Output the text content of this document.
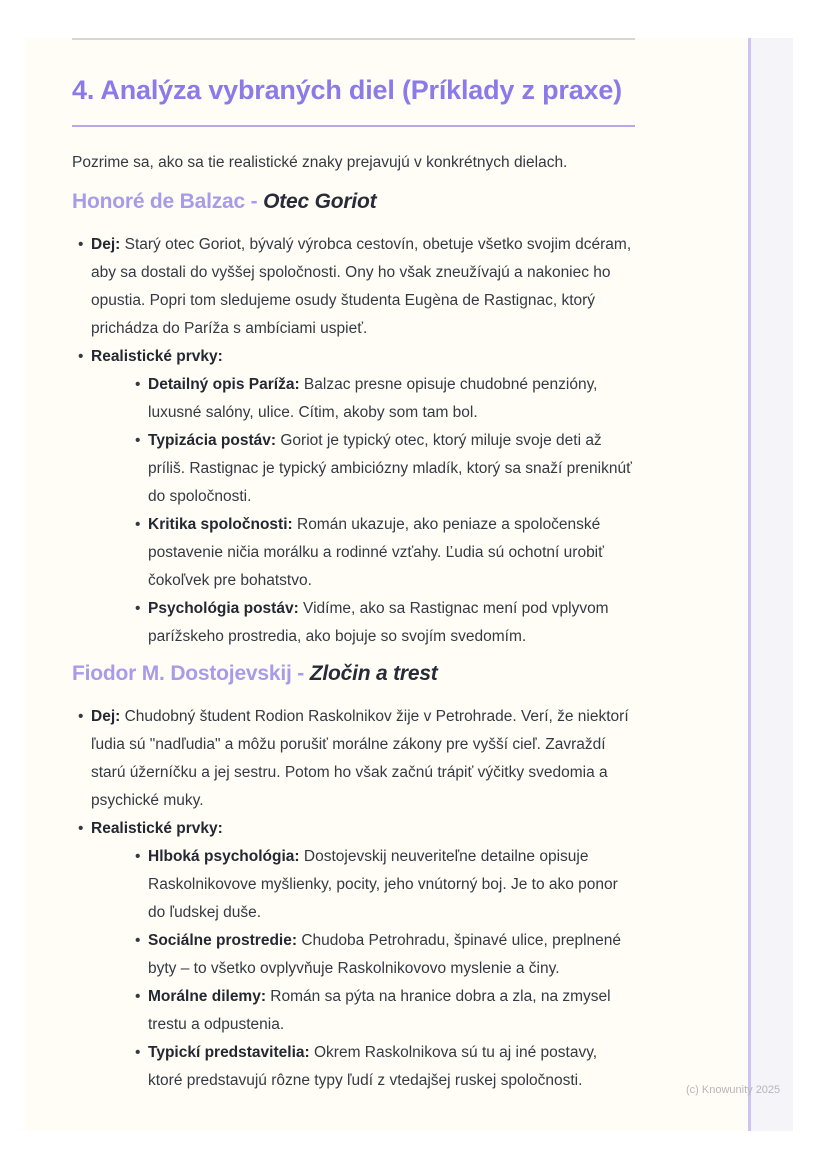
4. Analýza vybraných diel (Príklady z praxe)

Pozrime sa, ako sa tie realistické znaky prejavujú v konkrétnych dielach.

Honoré de Balzac - Otec Goriot
• Dej: Starý otec Goriot, bývalý výrobca cestovín, obetuje všetko svojim dcéram, aby sa dostali do vyššej spoločnosti. Ony ho však zneužívajú a nakoniec ho opustia. Popri tom sledujeme osudy študenta Eugèna de Rastignac, ktorý prichádza do Paríža s ambíciami uspieť.
• Realistické prvky:
• Detailný opis Paríža: Balzac presne opisuje chudobné penzióny, luxusné salóny, ulice. Cítim, akoby som tam bol.
• Typizácia postáv: Goriot je typický otec, ktorý miluje svoje deti až príliš. Rastignac je typický ambiciózny mladík, ktorý sa snaží preniknúť do spoločnosti.
• Kritika spoločnosti: Román ukazuje, ako peniaze a spoločenské postavenie ničia morálku a rodinné vzťahy. Ľudia sú ochotní urobiť čokoľvek pre bohatstvo.
• Psychológia postáv: Vidíme, ako sa Rastignac mení pod vplyvom parížskeho prostredia, ako bojuje so svojím svedomím.
Fiodor M. Dostojevskij - Zločin a trest
• Dej: Chudobný študent Rodion Raskolnikov žije v Petrohrade. Verí, že niektorí ľudia sú "nadľudia" a môžu porušiť morálne zákony pre vyšší cieľ. Zavraždí starú úžerníčku a jej sestru. Potom ho však začnú trápiť výčitky svedomia a psychické muky.
• Realistické prvky:
• Hlboká psychológia: Dostojevskij neuveriteľne detailne opisuje Raskolnikovove myšlienky, pocity, jeho vnútorný boj. Je to ako ponor do ľudskej duše.
• Sociálne prostredie: Chudoba Petrohradu, špinavé ulice, preplnené byty – to všetko ovplyvňuje Raskolnikovovo myslenie a činy.
• Morálne dilemy: Román sa pýta na hranice dobra a zla, na zmysel trestu a odpustenia.
• Typickí predstavitelia: Okrem Raskolnikova sú tu aj iné postavy, ktoré predstavujú rôzne typy ľudí z vtedajšej ruskej spoločnosti.
(c) Knowunity 2025
